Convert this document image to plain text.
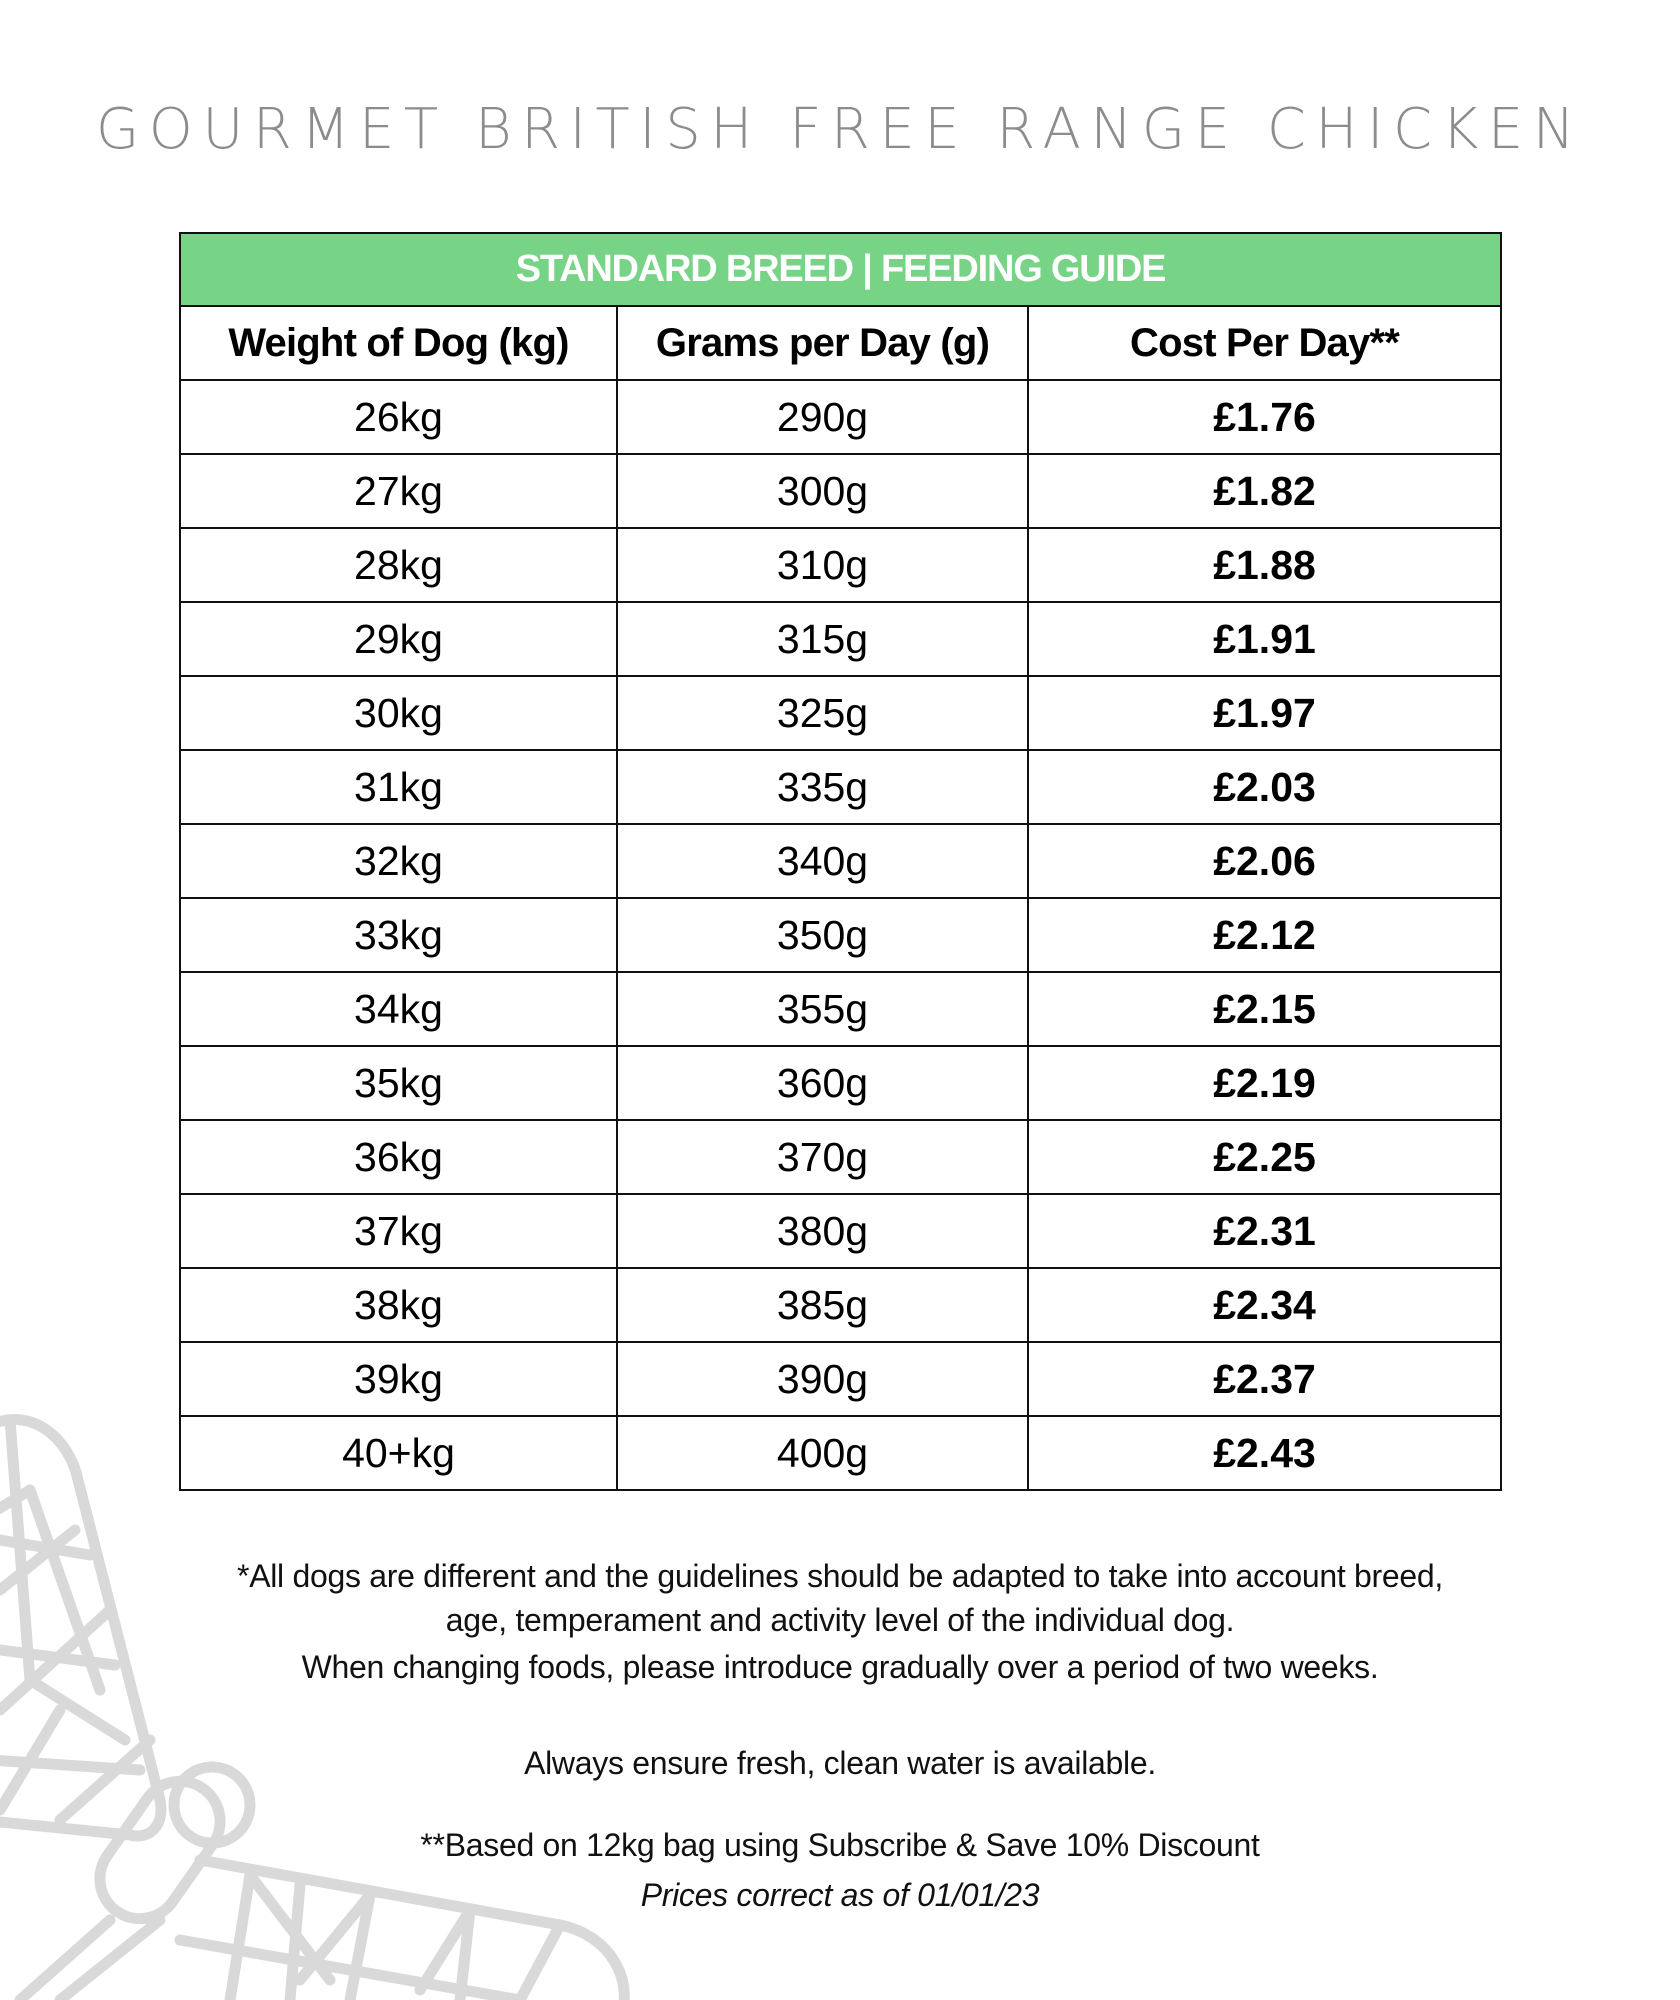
GOURMET BRITISH FREE RANGE CHICKEN
STANDARD BREED | FEEDING GUIDE		
Weight of Dog (kg)	Grams per Day (g)	Cost Per Day**
26kg	290g	£1.76
27kg	300g	£1.82
28kg	310g	£1.88
29kg	315g	£1.91
30kg	325g	£1.97
31kg	335g	£2.03
32kg	340g	£2.06
33kg	350g	£2.12
34kg	355g	£2.15
35kg	360g	£2.19
36kg	370g	£2.25
37kg	380g	£2.31
38kg	385g	£2.34
39kg	390g	£2.37
40+kg	400g	£2.43
*All dogs are different and the guidelines should be adapted to take into account breed,
age, temperament and activity level of the individual dog.
When changing foods, please introduce gradually over a period of two weeks.
Always ensure fresh, clean water is available.
**Based on 12kg bag using Subscribe & Save 10% Discount
Prices correct as of 01/01/23
